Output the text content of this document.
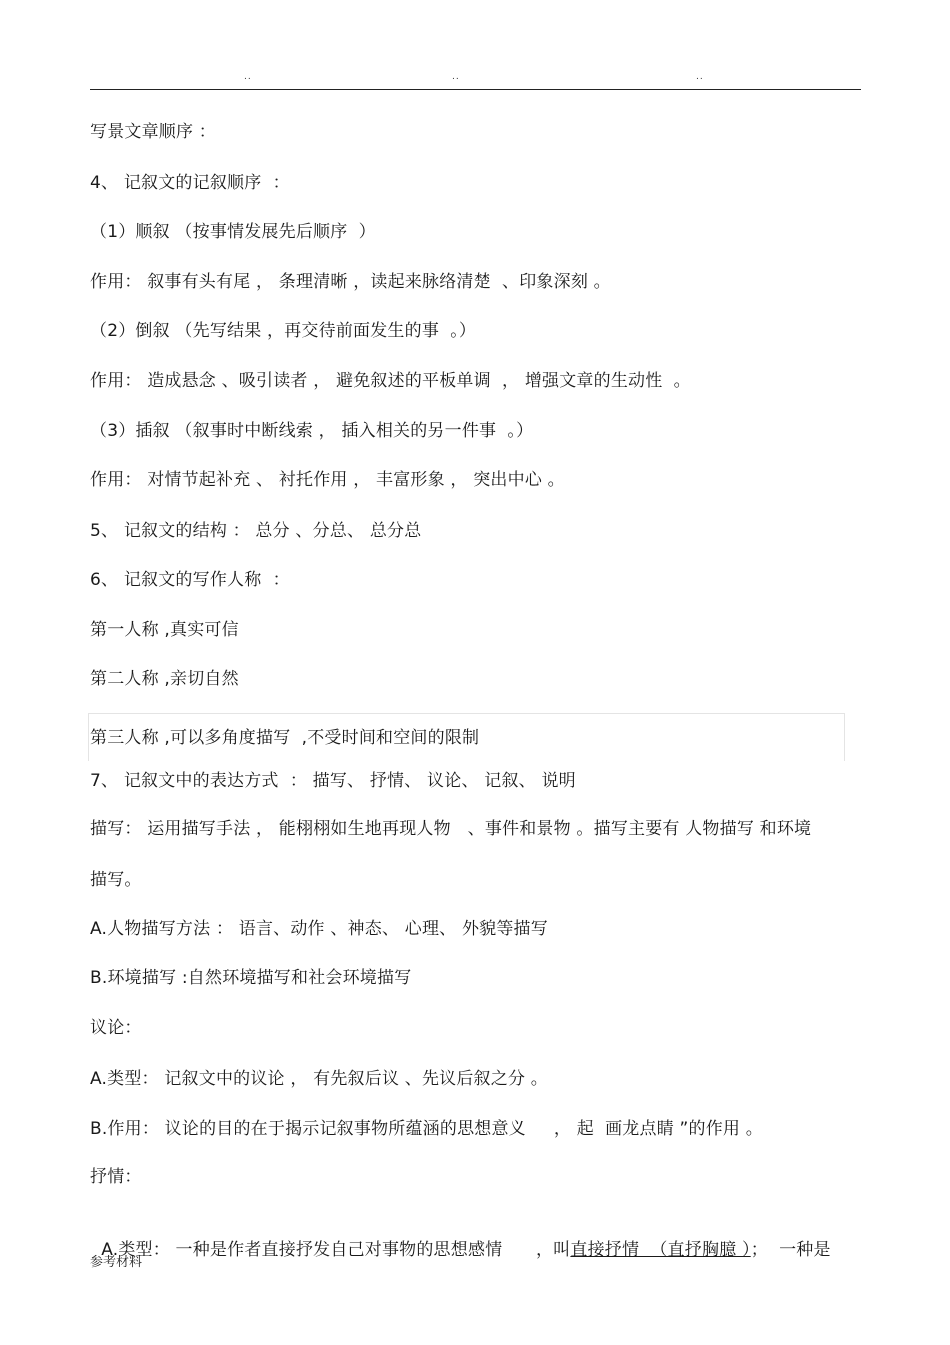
..	..	..
写景文章顺序 ：
4、 记叙文的记叙顺序  ：
（1）顺叙 （按事情发展先后顺序  ）
作用： 叙事有头有尾 ， 条理清晰 ，读起来脉络清楚  、印象深刻 。
（2）倒叙 （先写结果 ，再交待前面发生的事  。）
作用： 造成悬念 、吸引读者 ， 避免叙述的平板单调  ， 增强文章的生动性  。
（3）插叙 （叙事时中断线索 ， 插入相关的另一件事  。）
作用： 对情节起补充 、 衬托作用 ， 丰富形象 ， 突出中心 。
5、 记叙文的结构 ： 总分 、分总、 总分总
6、 记叙文的写作人称  ：
第一人称 ,真实可信
第二人称 ,亲切自然
第三人称 ,可以多角度描写  ,不受时间和空间的限制
7、 记叙文中的表达方式  ： 描写、 抒情、 议论、 记叙、 说明
描写： 运用描写手法 ， 能栩栩如生地再现人物   、事件和景物 。描写主要有 人物描写 和环境
描写。
A.人物描写方法 ： 语言、动作 、神态、 心理、 外貌等描写
B.环境描写 :自然环境描写和社会环境描写
议论：
A.类型： 记叙文中的议论 ， 有先叙后议 、先议后叙之分 。
B.作用： 议论的目的在于揭示记叙事物所蕴涵的思想意义     ， 起  画龙点睛 ”的作用 。
抒情：

A.类型： 一种是作者直接抒发自己对事物的思想感情      ，叫直接抒情  （直抒胸臆 ）；  一种是

参考材料
